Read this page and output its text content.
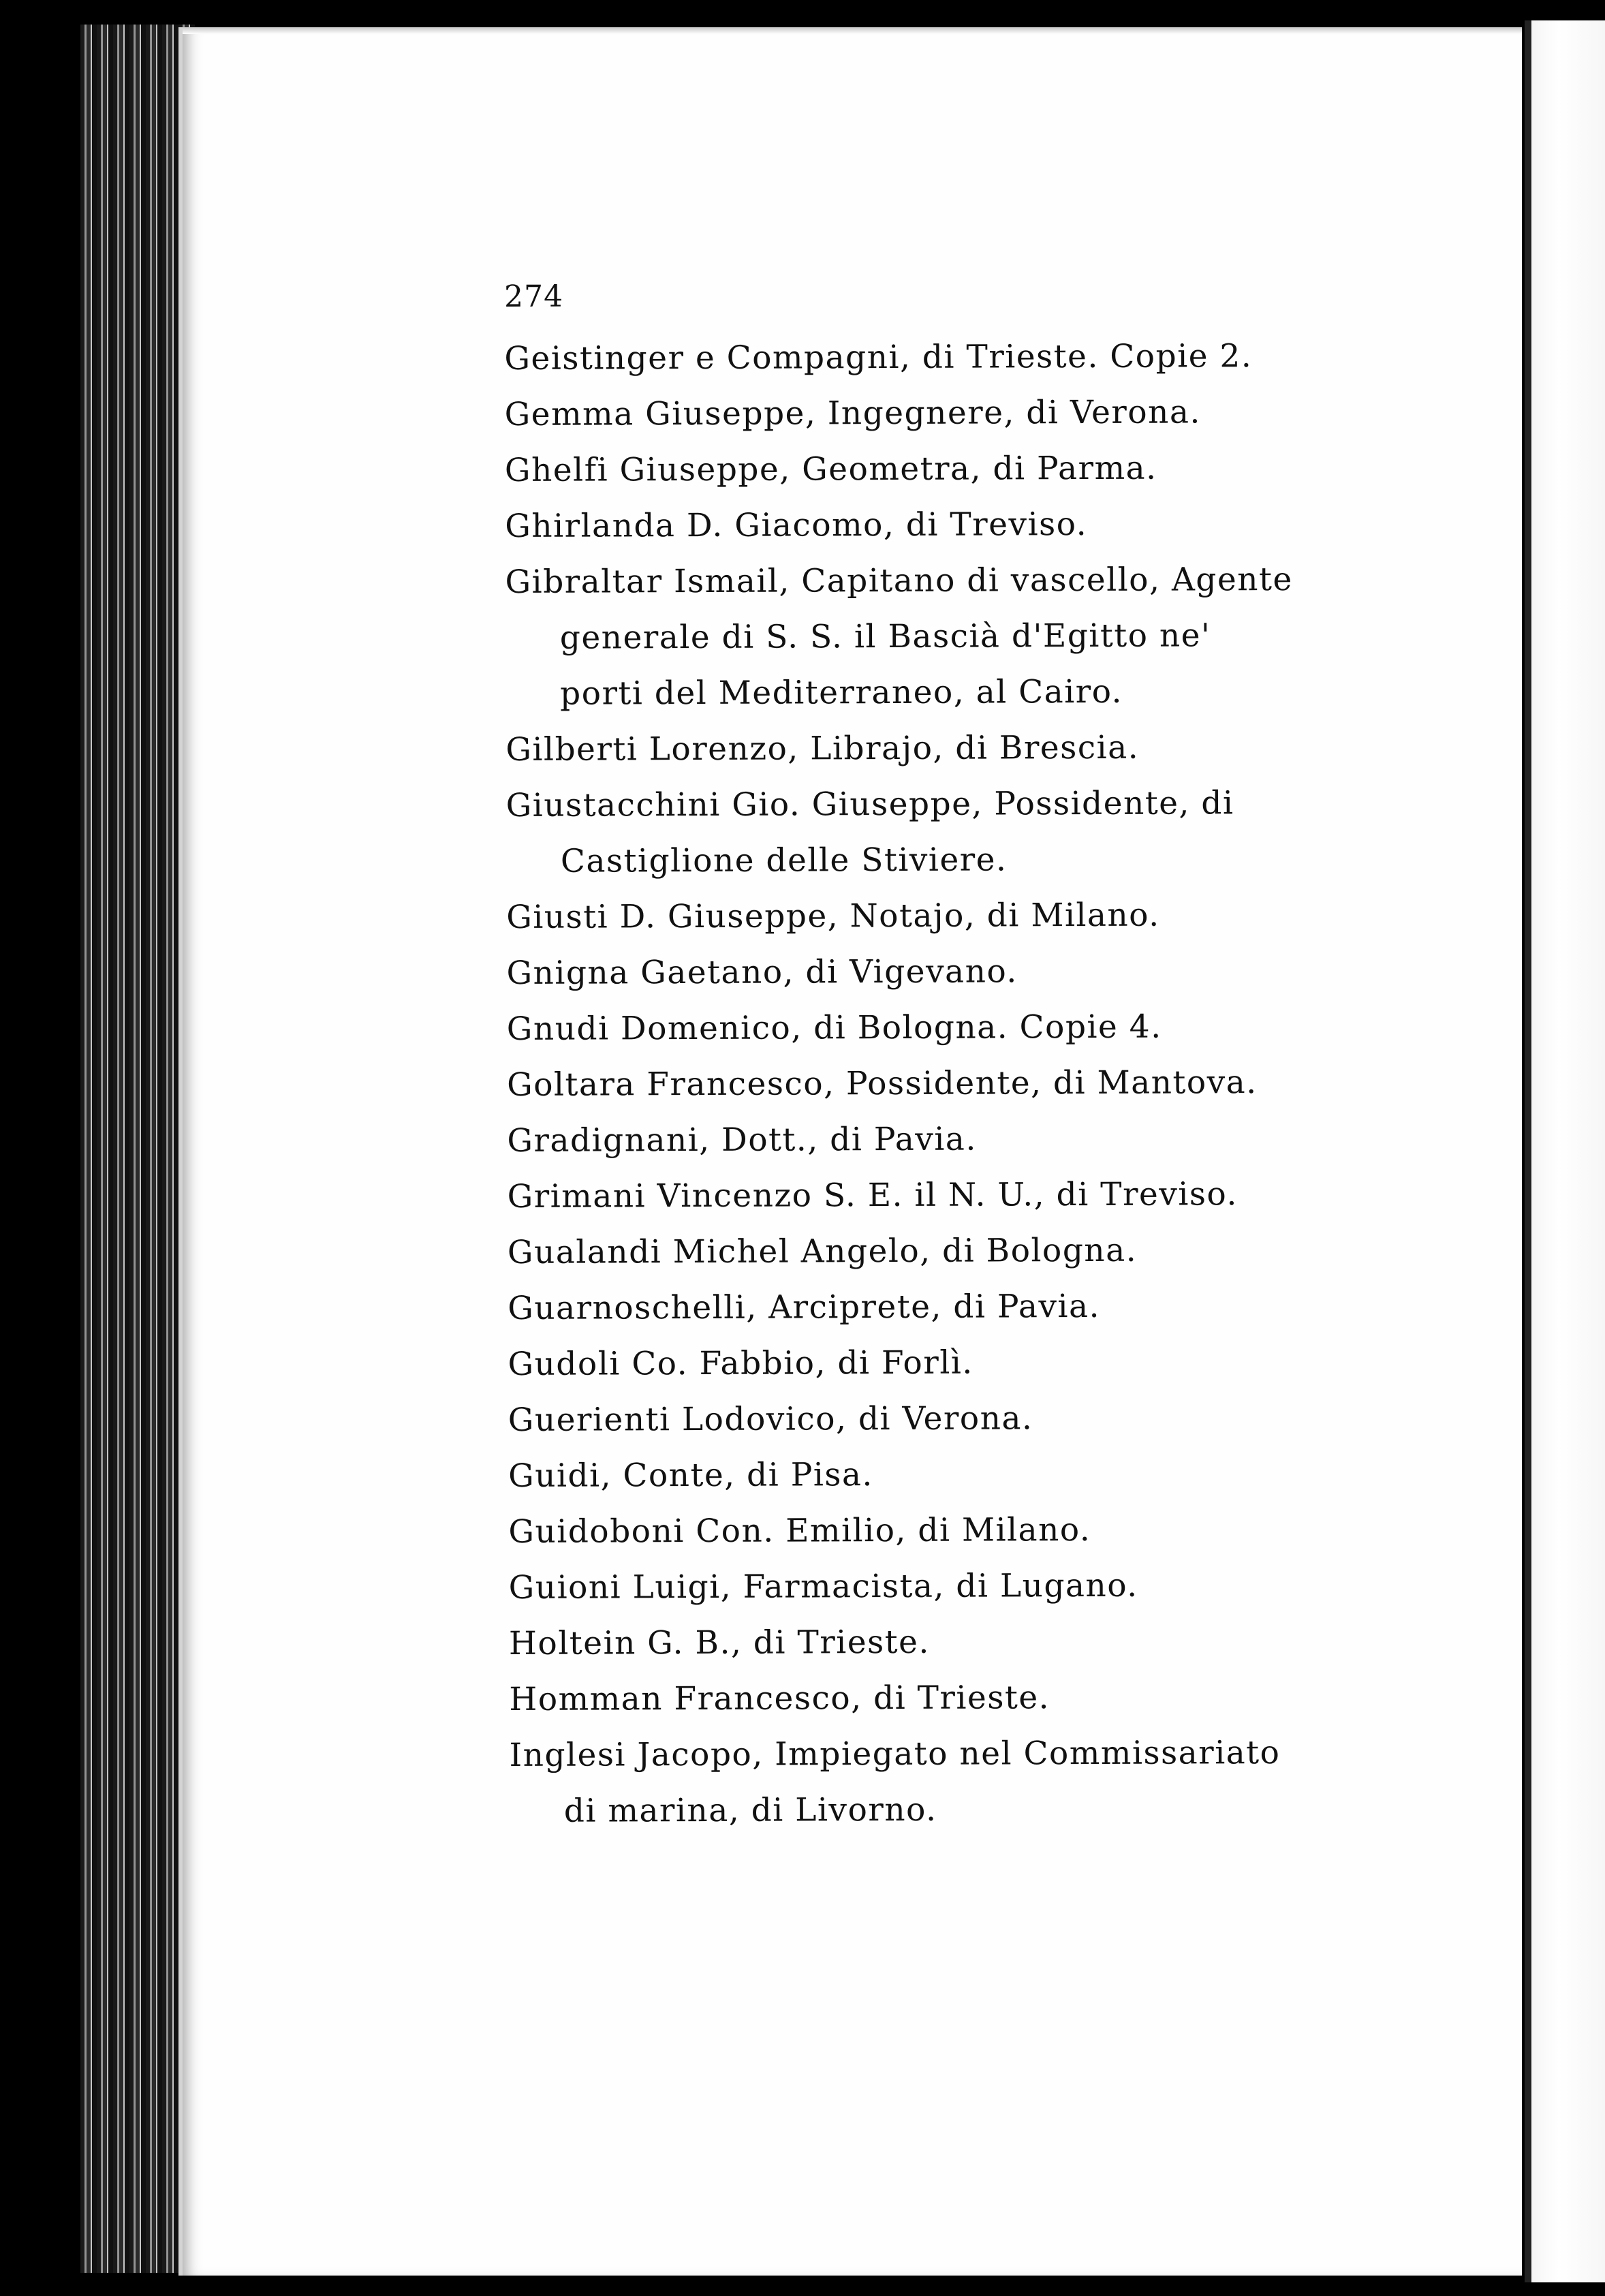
274
Geistinger e Compagni, di Trieste. Copie 2.
Gemma Giuseppe, Ingegnere, di Verona.
Ghelfi Giuseppe, Geometra, di Parma.
Ghirlanda D. Giacomo, di Treviso.
Gibraltar Ismail, Capitano di vascello, Agente
generale di S. S. il Bascià d'Egitto ne'
porti del Mediterraneo, al Cairo.
Gilberti Lorenzo, Librajo, di Brescia.
Giustacchini Gio. Giuseppe, Possidente, di
Castiglione delle Stiviere.
Giusti D. Giuseppe, Notajo, di Milano.
Gnigna Gaetano, di Vigevano.
Gnudi Domenico, di Bologna. Copie 4.
Goltara Francesco, Possidente, di Mantova.
Gradignani, Dott., di Pavia.
Grimani Vincenzo S. E. il N. U., di Treviso.
Gualandi Michel Angelo, di Bologna.
Guarnoschelli, Arciprete, di Pavia.
Gudoli Co. Fabbio, di Forlì.
Guerienti Lodovico, di Verona.
Guidi, Conte, di Pisa.
Guidoboni Con. Emilio, di Milano.
Guioni Luigi, Farmacista, di Lugano.
Holtein G. B., di Trieste.
Homman Francesco, di Trieste.
Inglesi Jacopo, Impiegato nel Commissariato
di marina, di Livorno.
